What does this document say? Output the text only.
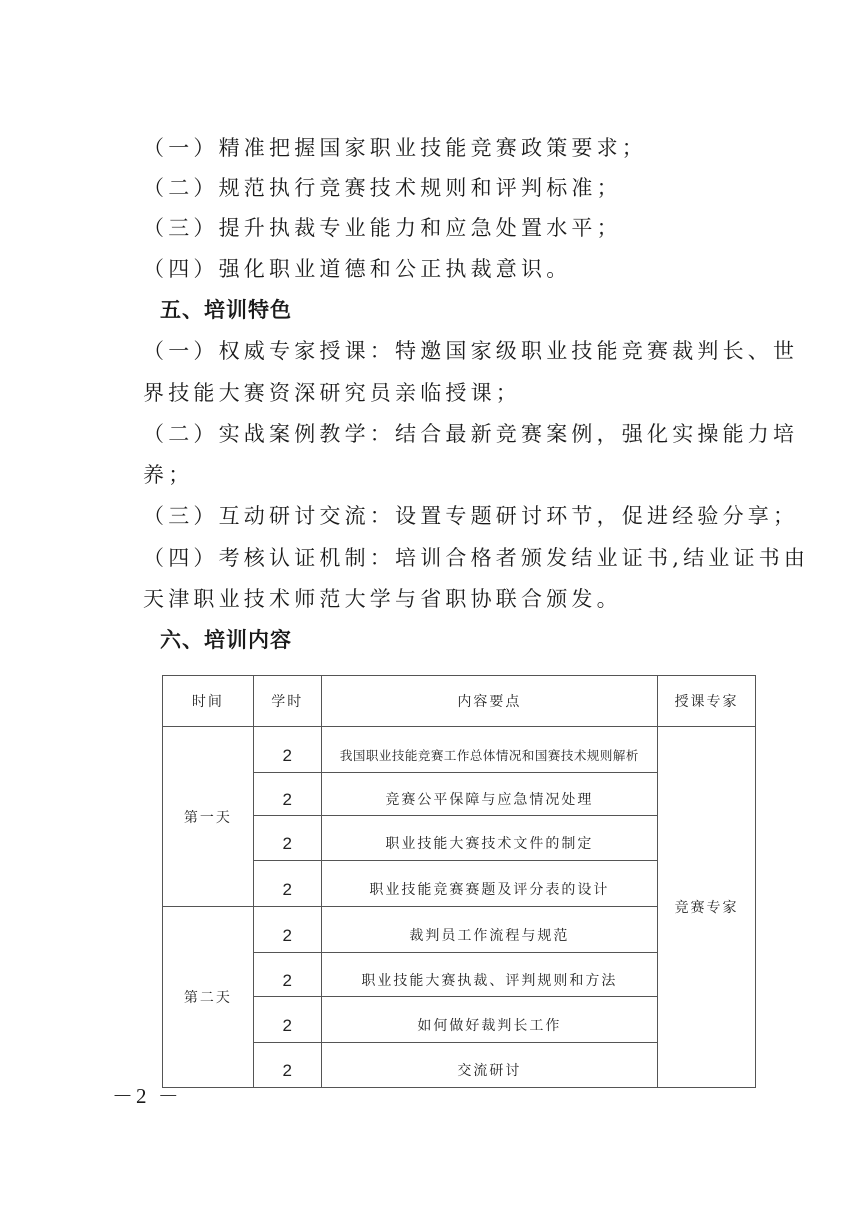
（一）精准把握国家职业技能竞赛政策要求；
（二）规范执行竞赛技术规则和评判标准；
（三）提升执裁专业能力和应急处置水平；
（四）强化职业道德和公正执裁意识。
五、培训特色
（一）权威专家授课：特邀国家级职业技能竞赛裁判长、世
界技能大赛资深研究员亲临授课；
（二）实战案例教学：结合最新竞赛案例，强化实操能力培
养；
（三）互动研讨交流：设置专题研讨环节，促进经验分享；
（四）考核认证机制：培训合格者颁发结业证书,结业证书由
天津职业技术师范大学与省职协联合颁发。
六、培训内容
时间	学时	内容要点	授课专家
第一天	2	我国职业技能竞赛工作总体情况和国赛技术规则解析	竞赛专家
	2	竞赛公平保障与应急情况处理	
	2	职业技能大赛技术文件的制定	
	2	职业技能竞赛赛题及评分表的设计	
第二天	2	裁判员工作流程与规范	
	2	职业技能大赛执裁、评判规则和方法	
	2	如何做好裁判长工作	
	2	交流研讨	
－2 －
